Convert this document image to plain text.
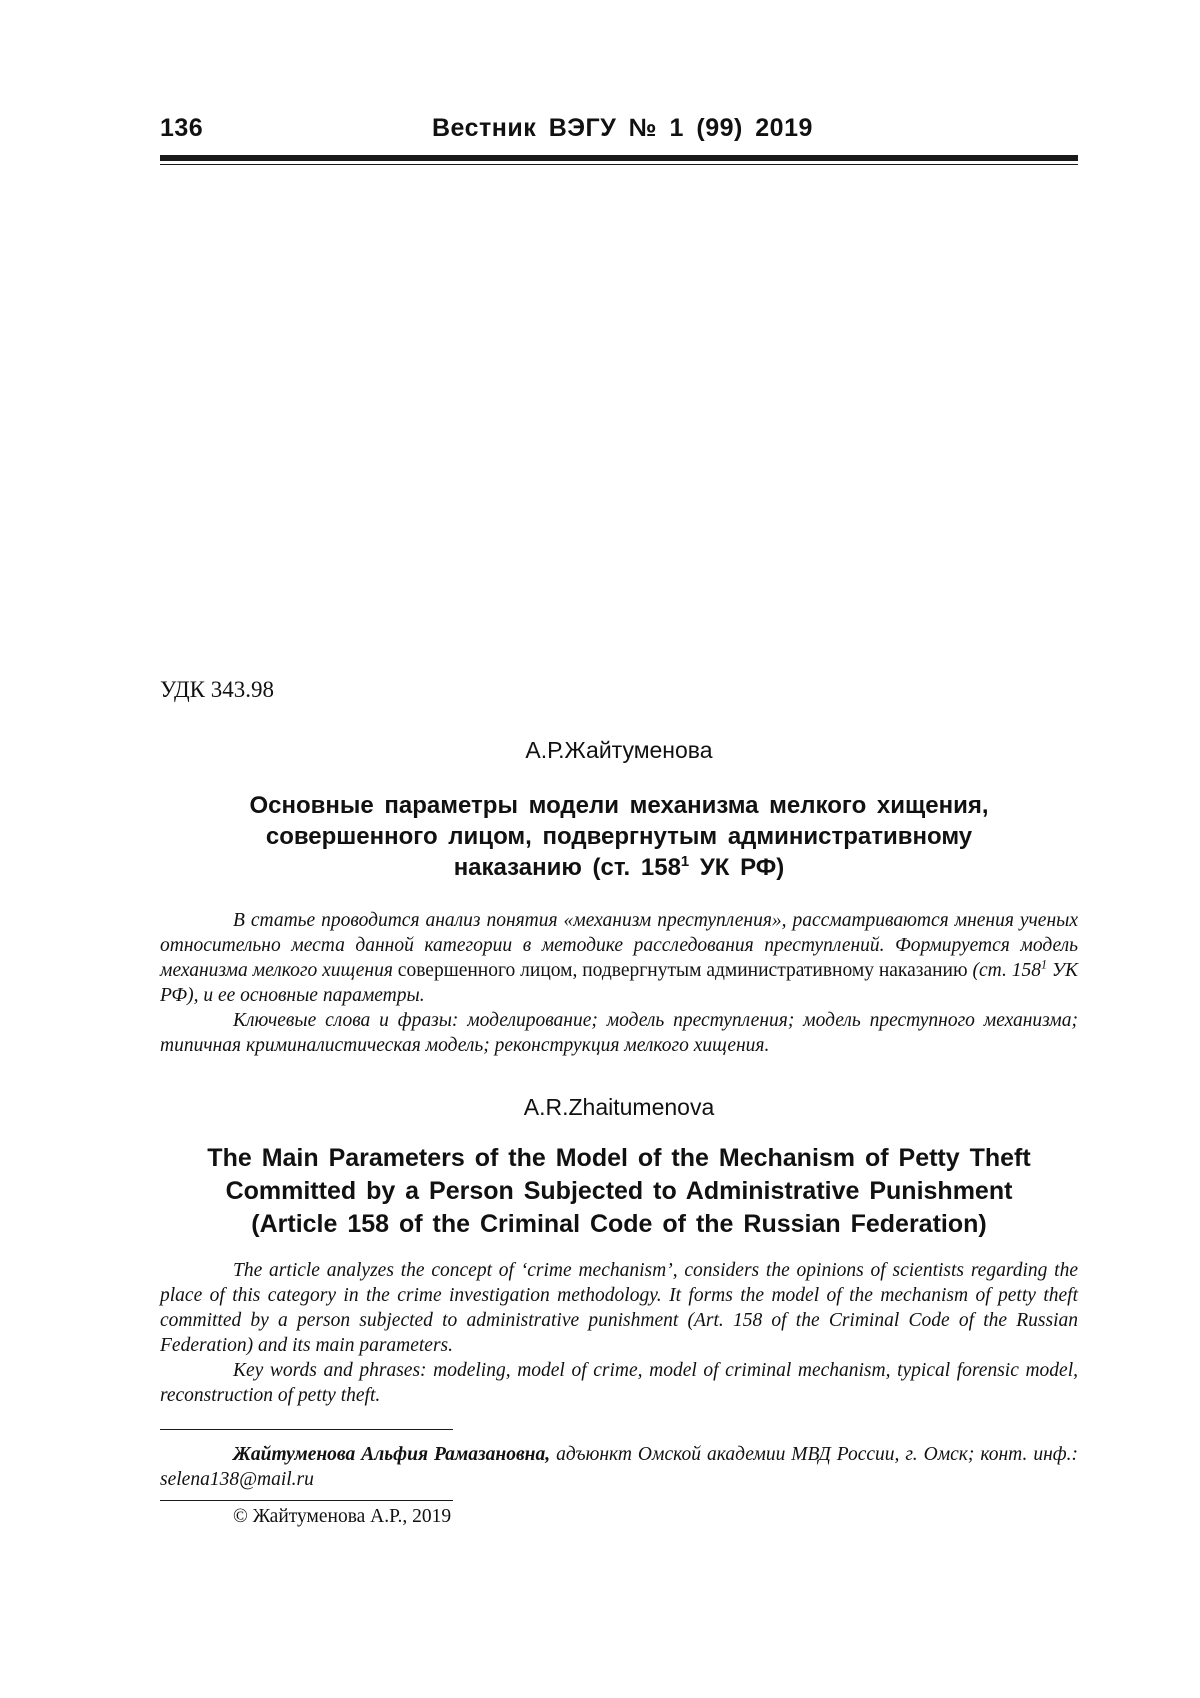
136	Вестник ВЭГУ № 1 (99) 2019
УДК 343.98
А.Р.Жайтуменова
Основные параметры модели механизма мелкого хищения,
совершенного лицом, подвергнутым административному
наказанию (ст. $158^1$ УК РФ)

В статье проводится анализ понятия «механизм преступления», рассматриваются мнения ученых относительно места данной категории в методике расследования преступлений. Формируется модель механизма мелкого хищения совершенного лицом, подвергнутым административному наказанию (ст. $158^1$ УК РФ), и ее основные параметры.

Ключевые слова и фразы: моделирование; модель преступления; модель преступного механизма; типичная криминалистическая модель; реконструкция мелкого хищения.

A.R.Zhaitumenova
The Main Parameters of the Model of the Mechanism of Petty Theft
Committed by a Person Subjected to Administrative Punishment
(Article 158 of the Criminal Code of the Russian Federation)

The article analyzes the concept of ‘crime mechanism’, considers the opinions of scientists regarding the place of this category in the crime investigation methodology. It forms the model of the mechanism of petty theft committed by a person subjected to administrative punishment (Art. 158 of the Criminal Code of the Russian Federation) and its main parameters.

Key words and phrases: modeling, model of crime, model of criminal mechanism, typical forensic model, reconstruction of petty theft.

Жайтуменова Альфия Рамазановна, адъюнкт Омской академии МВД России, г. Омск; конт. инф.: selena138@mail.ru

© Жайтуменова А.Р., 2019
